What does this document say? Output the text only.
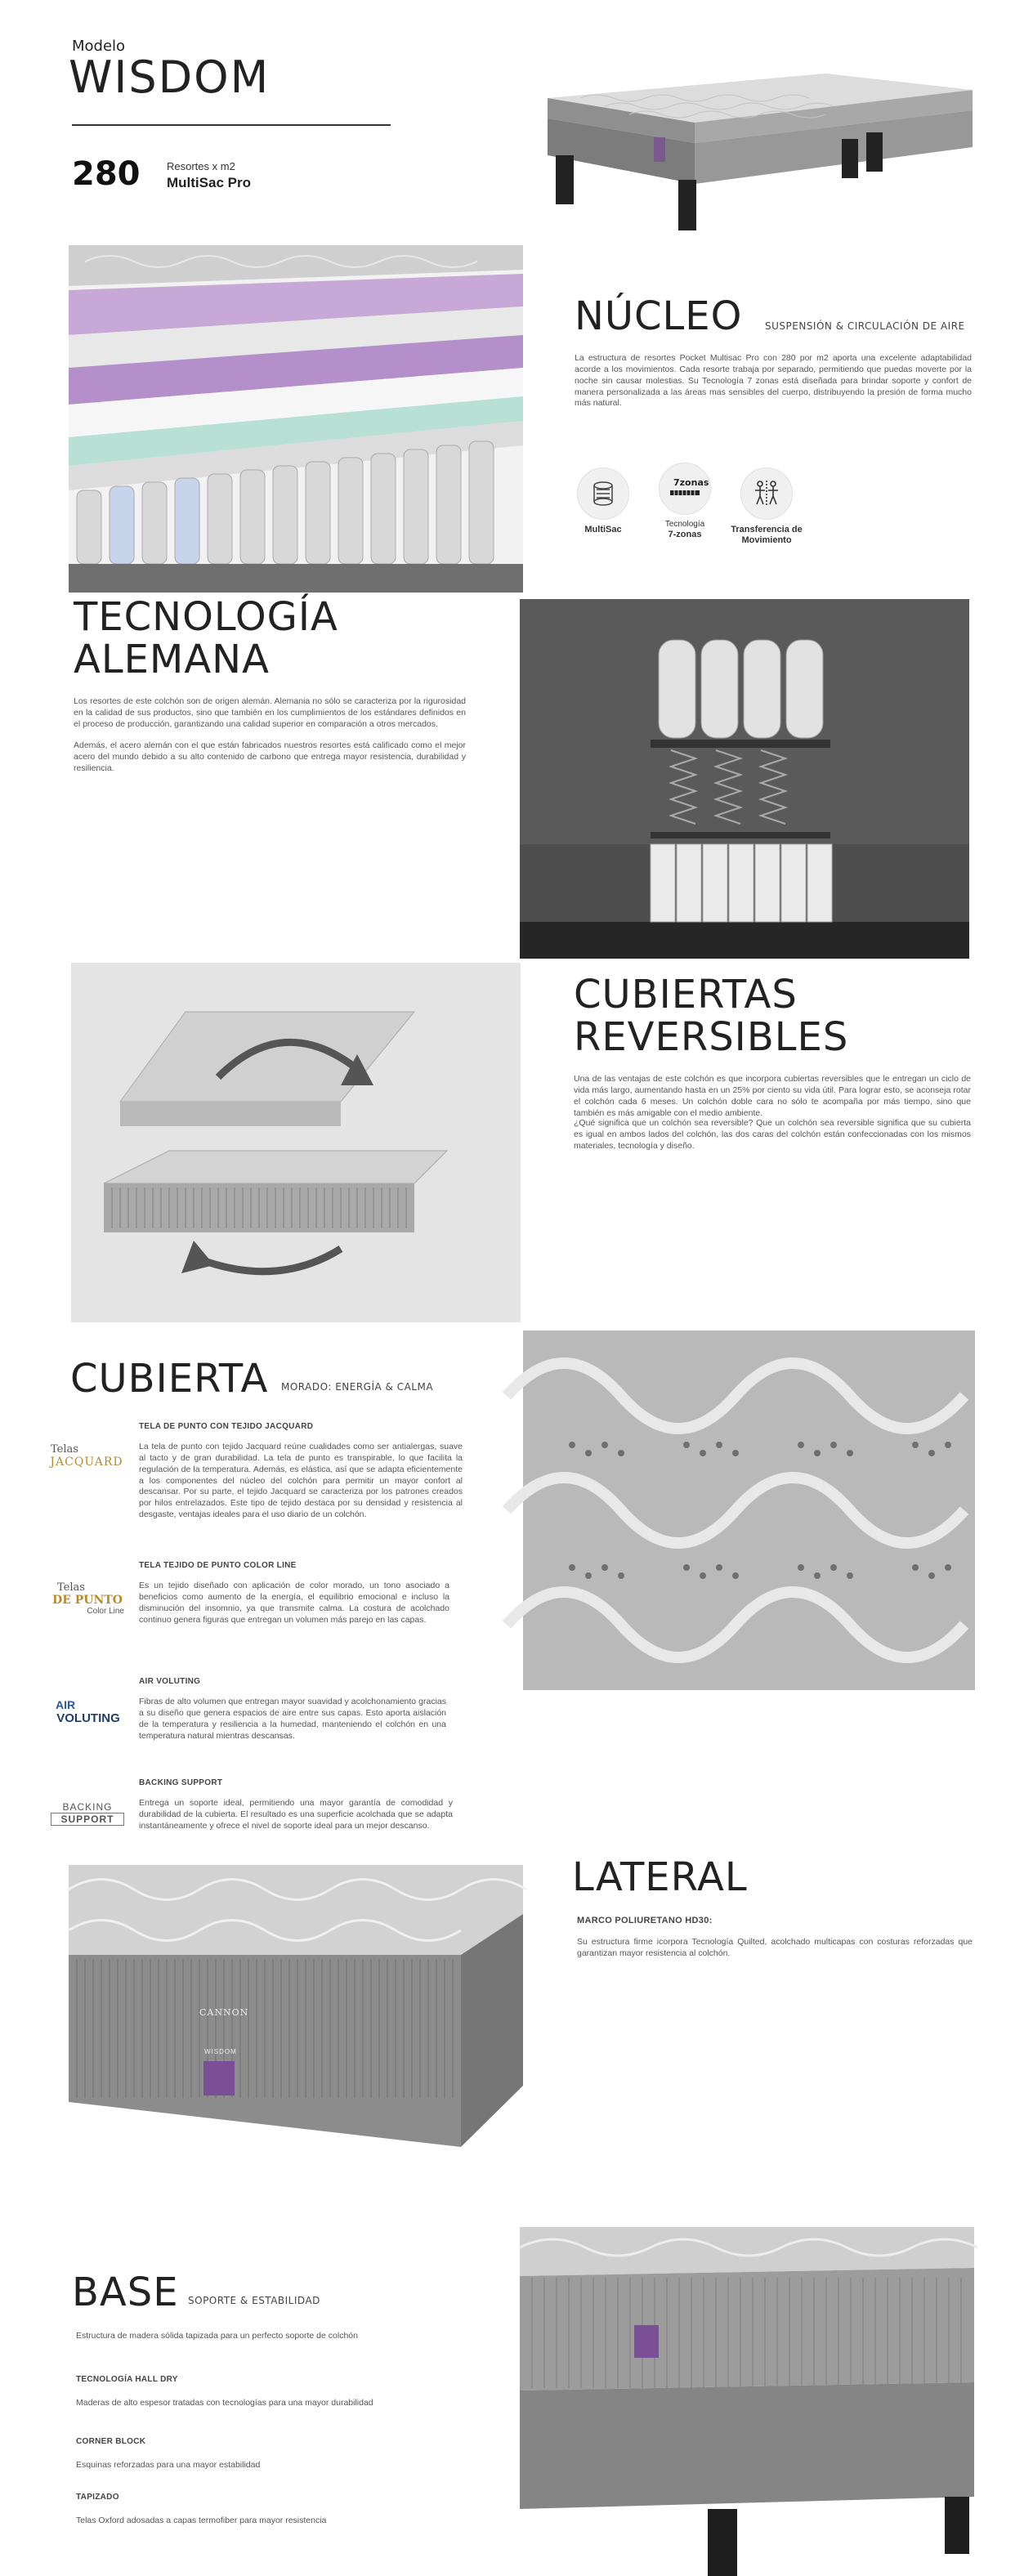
Modelo
WISDOM
280	Resortes x m2
MultiSac Pro
NÚCLEO SUSPENSIÓN & CIRCULACIÓN DE AIRE
La estructura de resortes Pocket Multisac Pro con 280 por m2 aporta una excelente adaptabilidad acorde a los movimientos. Cada resorte trabaja por separado, permitiendo que puedas moverte por la noche sin causar molestias. Su Tecnología 7 zonas está diseñada para brindar soporte y confort de manera personalizada a las áreas mas sensibles del cuerpo, distribuyendo la presión de forma mucho más natural.
MultiSac
7zonas
Tecnología
7-zonas	Transferencia de Movimiento
TECNOLOGÍA
ALEMANA
Los resortes de este colchón son de origen alemán. Alemania no sólo se caracteriza por la rigurosidad en la calidad de sus productos, sino que también en los cumplimientos de los estándares definidos en el proceso de producción, garantizando una calidad superior en comparación a otros mercados.
Además, el acero alemán con el que están fabricados nuestros resortes está calificado como el mejor acero del mundo debido a su alto contenido de carbono que entrega mayor resistencia, durabilidad y resiliencia.
CUBIERTAS
REVERSIBLES
Una de las ventajas de este colchón es que incorpora cubiertas reversibles que le entregan un ciclo de vida más largo, aumentando hasta en un 25% por ciento su vida útil. Para lograr esto, se aconseja rotar el colchón cada 6 meses. Un colchón doble cara no sólo te acompaña por más tiempo, sino que también es más amigable con el medio ambiente.
¿Qué significa que un colchón sea reversible? Que un colchón sea reversible significa que su cubierta es igual en ambos lados del colchón, las dos caras del colchón están confeccionadas con los mismos materiales, tecnología y diseño.
CUBIERTA MORADO: ENERGÍA & CALMA
Telas
JACQUARD
TELA DE PUNTO CON TEJIDO JACQUARD
La tela de punto con tejido Jacquard reúne cualidades como ser antialergas, suave al tacto y de gran durabilidad. La tela de punto es transpirable, lo que facilita la regulación de la temperatura. Además, es elástica, así que se adapta eficientemente a los componentes del núcleo del colchón para permitir un mayor confort al descansar. Por su parte, el tejido Jacquard se caracteriza por los patrones creados por hilos entrelazados. Este tipo de tejido destaca por su densidad y resistencia al desgaste, ventajas ideales para el uso diario de un colchón.
Telas
DE PUNTO
Color Line
TELA TEJIDO DE PUNTO COLOR LINE
Es un tejido diseñado con aplicación de color morado, un tono asociado a beneficios como aumento de la energía, el equilibrio emocional e incluso la disminución del insomnio, ya que transmite calma. La costura de acolchado continuo genera figuras que entregan un volumen más parejo en las capas.
AIR
VOLUTING
AIR VOLUTING
Fibras de alto volumen que entregan mayor suavidad y acolchonamiento gracias a su diseño que genera espacios de aire entre sus capas. Esto aporta aislación de la temperatura y resiliencia a la humedad, manteniendo el colchón en una temperatura natural mientras descansas.
BACKING
SUPPORT
BACKING SUPPORT
Entrega un soporte ideal, permitiendo una mayor garantía de comodidad y durabilidad de la cubierta. El resultado es una superficie acolchada que se adapta instantáneamente y ofrece el nivel de soporte ideal para un mejor descanso.
CANNON
WISDOM
LATERAL
MARCO POLIURETANO HD30:
Su estructura firme icorpora Tecnología Quilted, acolchado multicapas con costuras reforzadas que garantizan mayor resistencia al colchón.
BASE SOPORTE & ESTABILIDAD
Estructura de madera sólida tapizada para un perfecto soporte de colchón
TECNOLOGÍA HALL DRY
Maderas de alto espesor tratadas con tecnologías para una mayor durabilidad
CORNER BLOCK
Esquinas reforzadas para una mayor estabilidad
TAPIZADO
Telas Oxford adosadas a capas termofiber para mayor resistencia
